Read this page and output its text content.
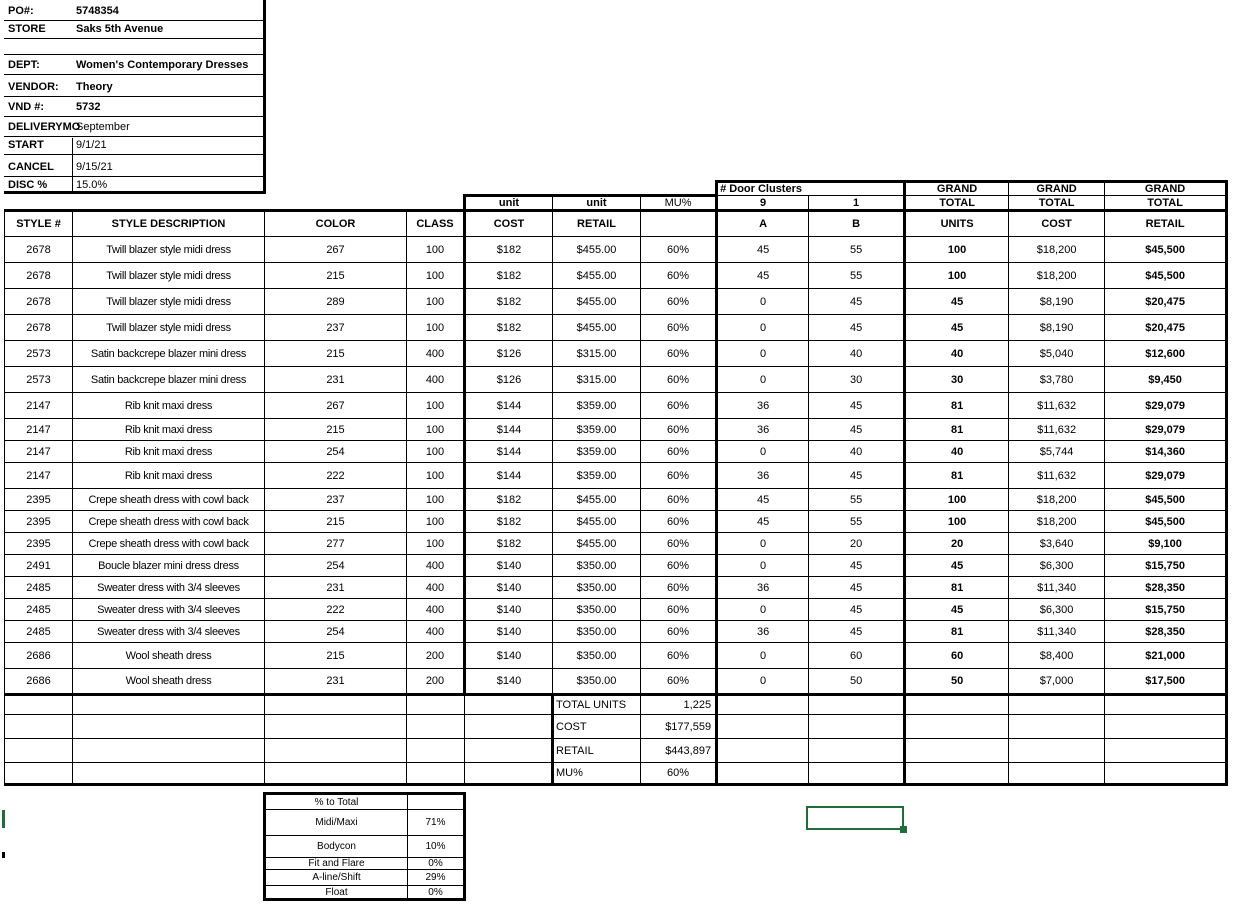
PO#:	5748354
STORE	Saks 5th Avenue
DEPT:	Women's Contemporary Dresses
VENDOR: Theory
VND #:	5732
DELIVERYMO
September
START	9/1/21
CANCEL 9/15/21
DISC %	15.0%
							# Door Clusters		GRAND	GRAND	GRAND
				unit	unit	MU%	9	1	TOTAL	TOTAL	TOTAL
STYLE #	STYLE DESCRIPTION	COLOR	CLASS	COST	RETAIL		A	B	UNITS	COST	RETAIL
2678	Twill blazer style midi dress	267	100	$182	$455.00	60%	45	55	100	$18,200	$45,500
2678	Twill blazer style midi dress	215	100	$182	$455.00	60%	45	55	100	$18,200	$45,500
2678	Twill blazer style midi dress	289	100	$182	$455.00	60%	0	45	45	$8,190	$20,475
2678	Twill blazer style midi dress	237	100	$182	$455.00	60%	0	45	45	$8,190	$20,475
2573	Satin backcrepe blazer mini dress	215	400	$126	$315.00	60%	0	40	40	$5,040	$12,600
2573	Satin backcrepe blazer mini dress	231	400	$126	$315.00	60%	0	30	30	$3,780	$9,450
2147	Rib knit maxi dress	267	100	$144	$359.00	60%	36	45	81	$11,632	$29,079
2147	Rib knit maxi dress	215	100	$144	$359.00	60%	36	45	81	$11,632	$29,079
2147	Rib knit maxi dress	254	100	$144	$359.00	60%	0	40	40	$5,744	$14,360
2147	Rib knit maxi dress	222	100	$144	$359.00	60%	36	45	81	$11,632	$29,079
2395	Crepe sheath dress with cowl back	237	100	$182	$455.00	60%	45	55	100	$18,200	$45,500
2395	Crepe sheath dress with cowl back	215	100	$182	$455.00	60%	45	55	100	$18,200	$45,500
2395	Crepe sheath dress with cowl back	277	100	$182	$455.00	60%	0	20	20	$3,640	$9,100
2491	Boucle blazer mini dress dress	254	400	$140	$350.00	60%	0	45	45	$6,300	$15,750
2485	Sweater dress with 3/4 sleeves	231	400	$140	$350.00	60%	36	45	81	$11,340	$28,350
2485	Sweater dress with 3/4 sleeves	222	400	$140	$350.00	60%	0	45	45	$6,300	$15,750
2485	Sweater dress with 3/4 sleeves	254	400	$140	$350.00	60%	36	45	81	$11,340	$28,350
2686	Wool sheath dress	215	200	$140	$350.00	60%	0	60	60	$8,400	$21,000
2686	Wool sheath dress	231	200	$140	$350.00	60%	0	50	50	$7,000	$17,500
					TOTAL UNITS	1,225					
					COST	$177,559					
					RETAIL	$443,897					
					MU%	60%					
% to Total	
Midi/Maxi	71%
Bodycon	10%
Fit and Flare	0%
A-line/Shift	29%
Float	0%
